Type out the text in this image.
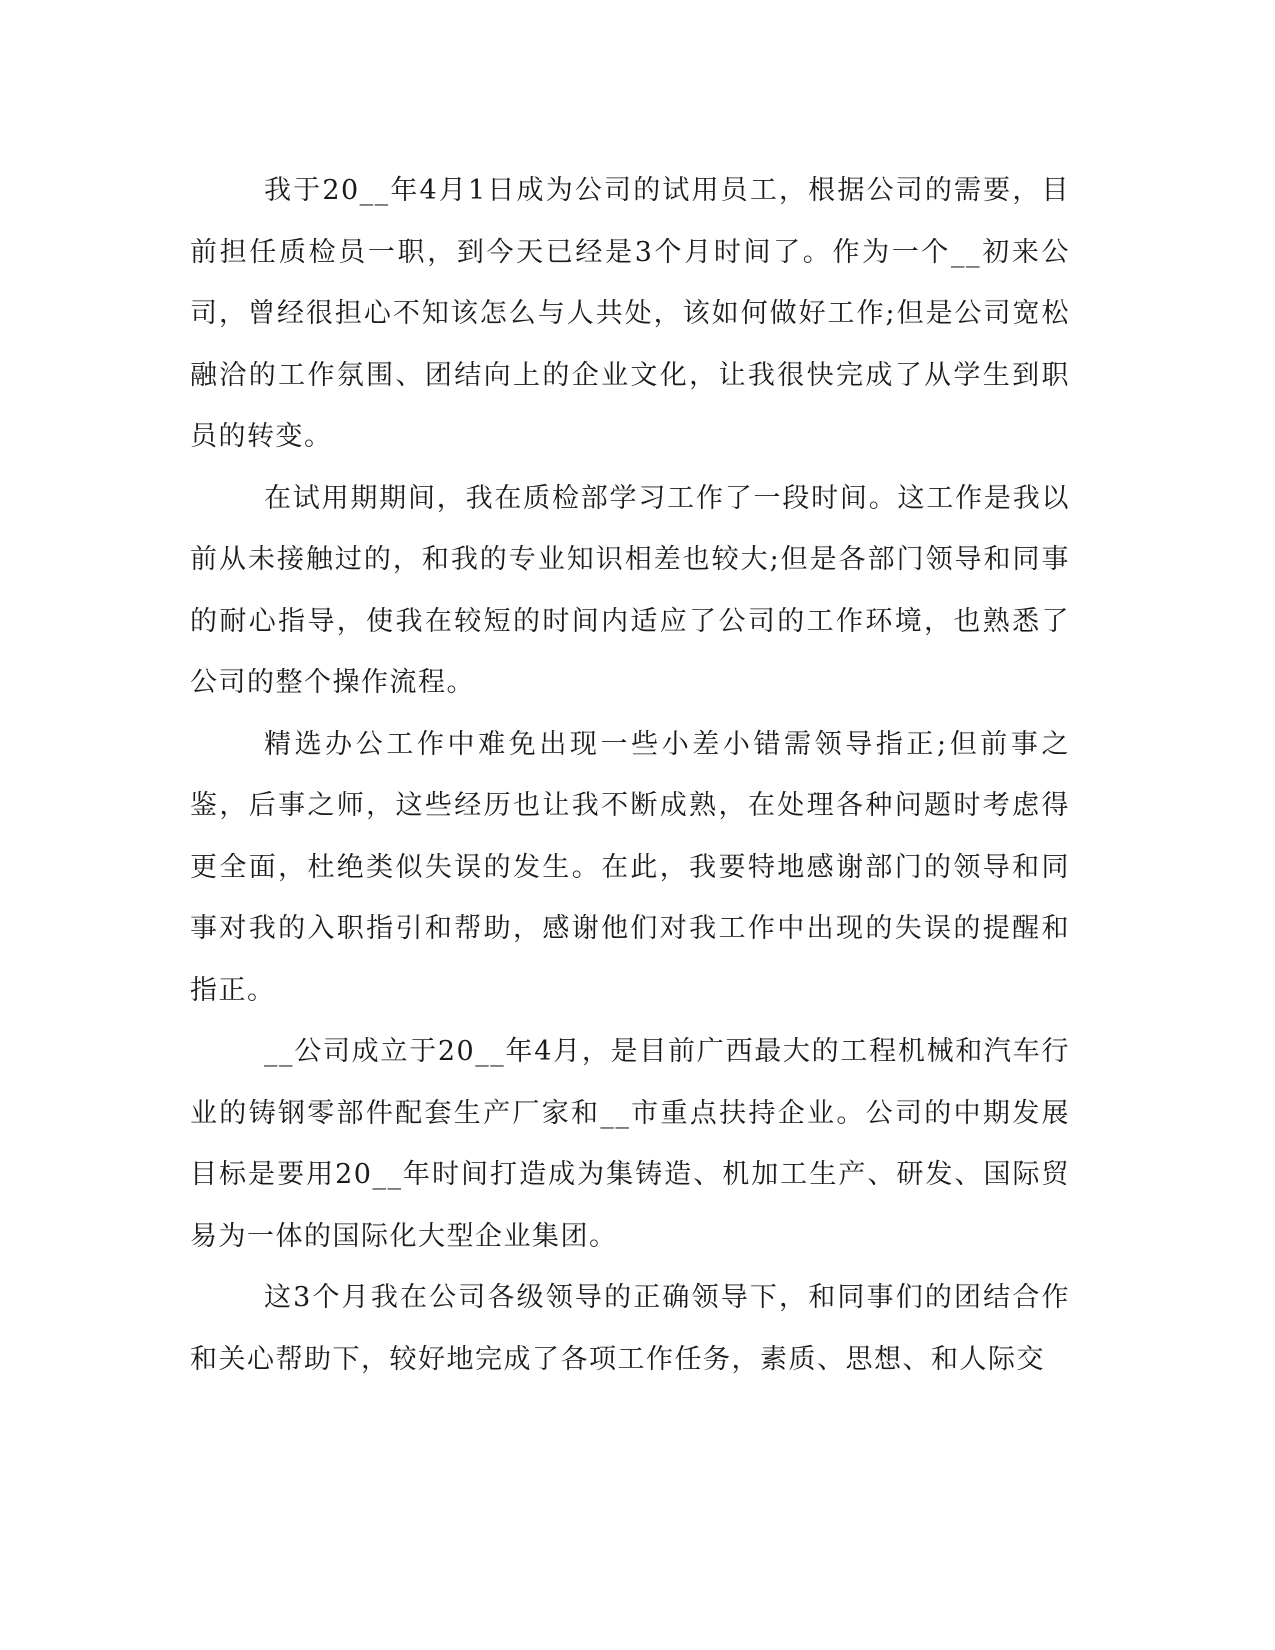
我于20__年4月1日成为公司的试用员工，根据公司的需要，目前担任质检员一职，到今天已经是3个月时间了。作为一个__初来公司，曾经很担心不知该怎么与人共处，该如何做好工作;但是公司宽松融洽的工作氛围、团结向上的企业文化，让我很快完成了从学生到职员的转变。

在试用期期间，我在质检部学习工作了一段时间。这工作是我以前从未接触过的，和我的专业知识相差也较大;但是各部门领导和同事的耐心指导，使我在较短的时间内适应了公司的工作环境，也熟悉了公司的整个操作流程。

精选办公工作中难免出现一些小差小错需领导指正;但前事之鉴，后事之师，这些经历也让我不断成熟，在处理各种问题时考虑得更全面，杜绝类似失误的发生。在此，我要特地感谢部门的领导和同事对我的入职指引和帮助，感谢他们对我工作中出现的失误的提醒和指正。

__公司成立于20__年4月，是目前广西最大的工程机械和汽车行业的铸钢零部件配套生产厂家和__市重点扶持企业。公司的中期发展目标是要用20__年时间打造成为集铸造、机加工生产、研发、国际贸易为一体的国际化大型企业集团。

这3个月我在公司各级领导的正确领导下，和同事们的团结合作和关心帮助下，较好地完成了各项工作任务，素质、思想、和人际交
